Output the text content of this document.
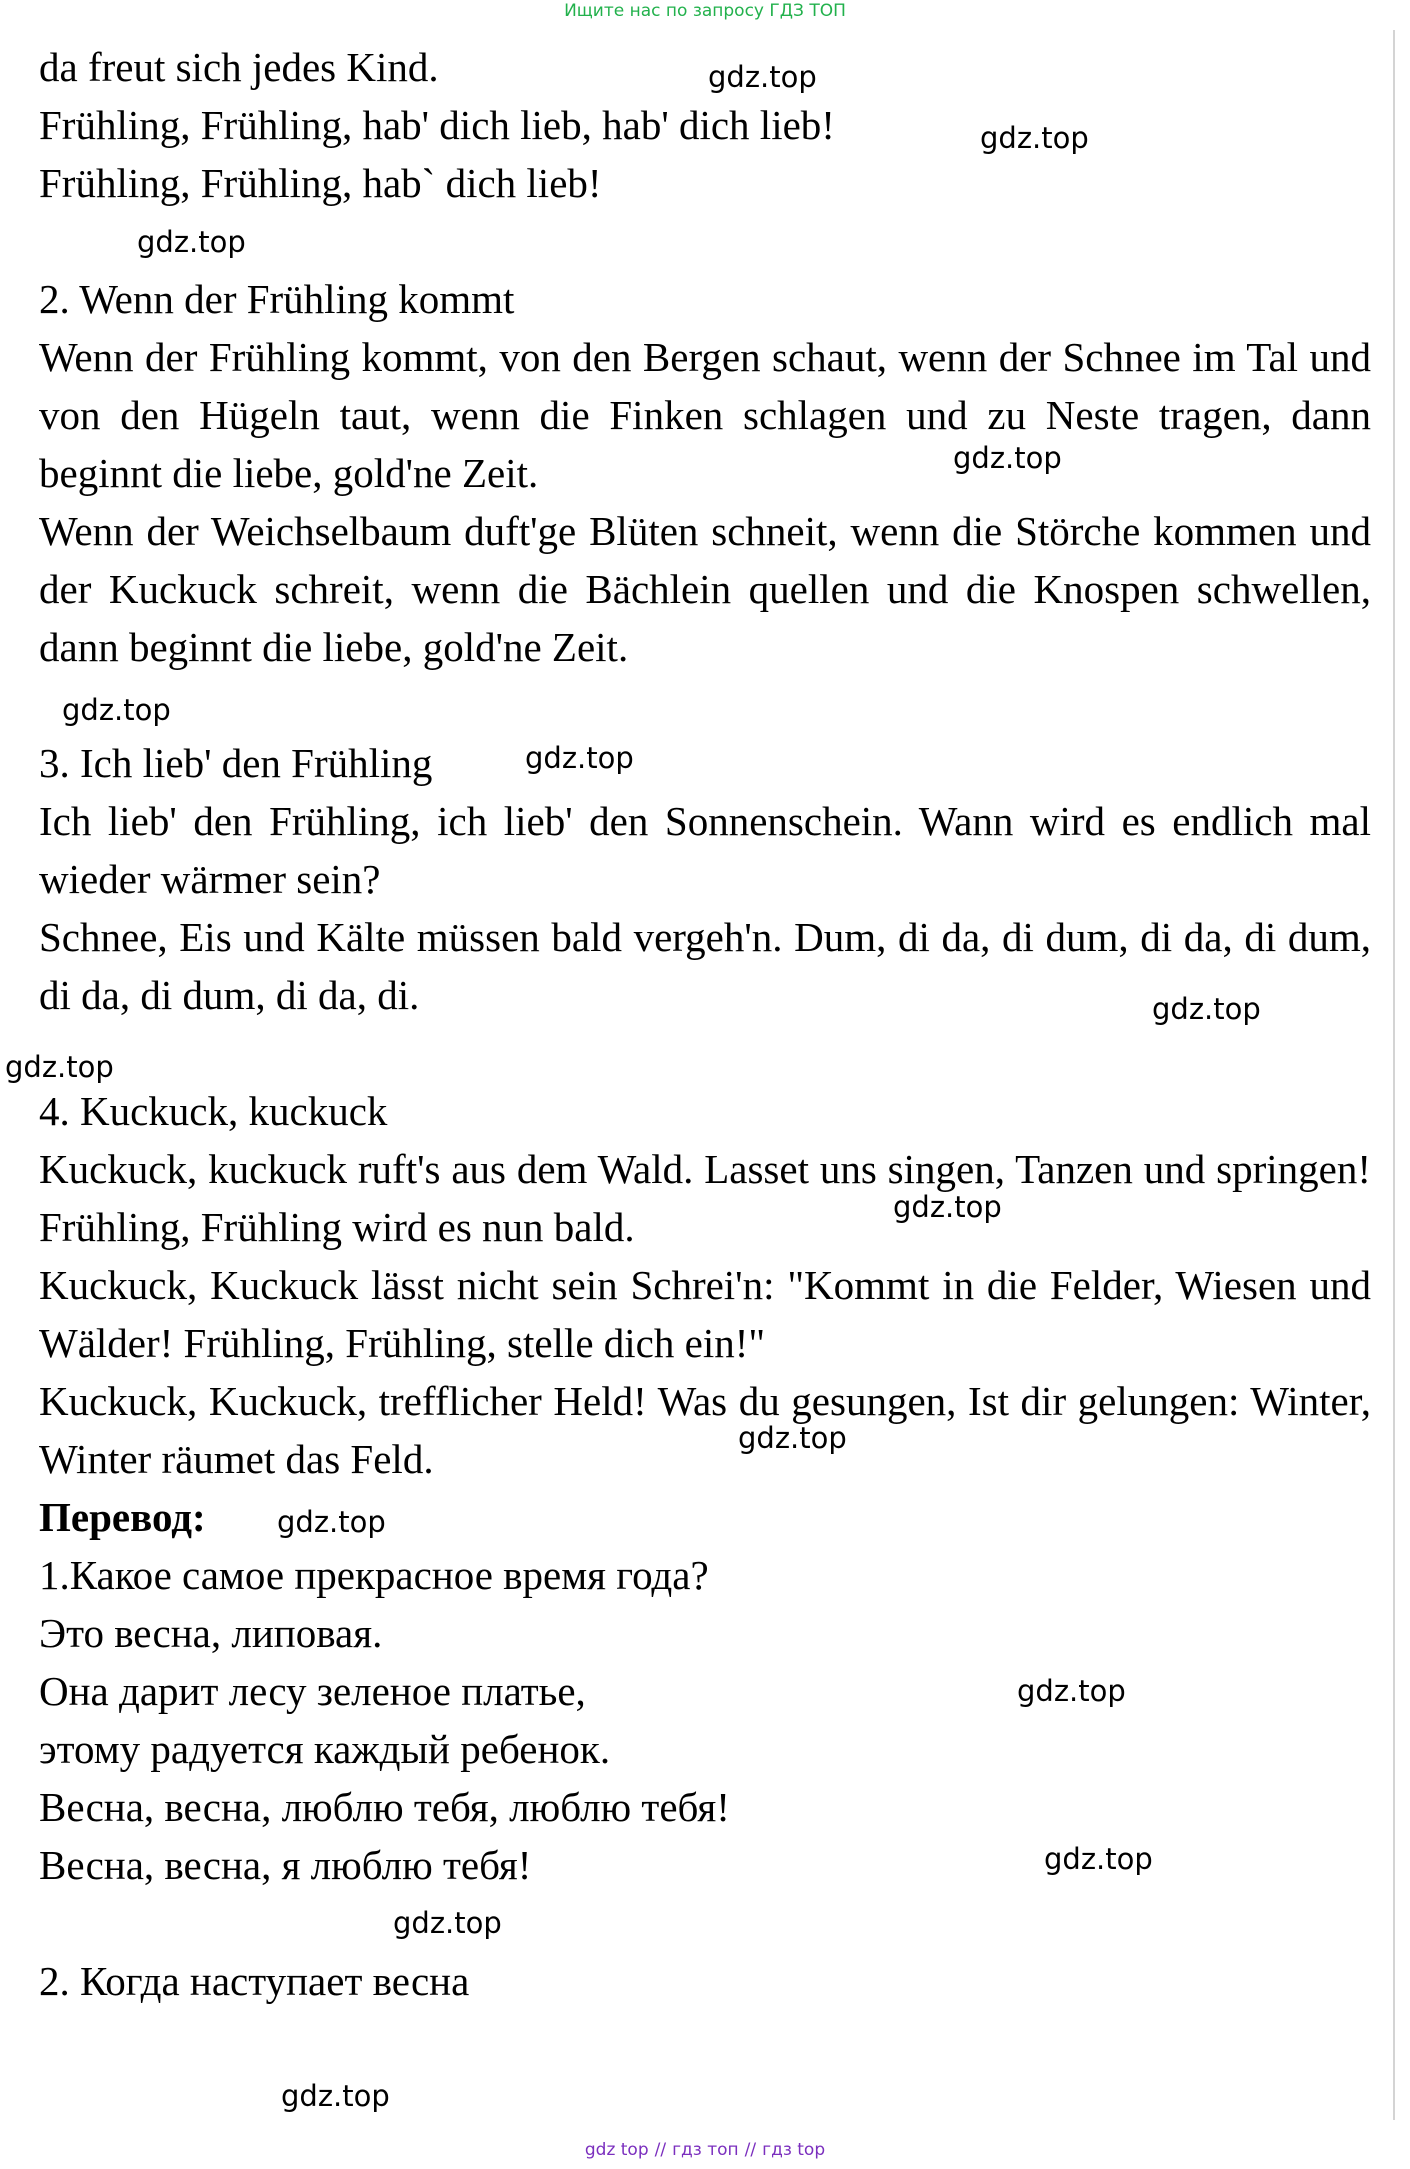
Ищите нас по запросу ГДЗ ТОП
da freut sich jedes Kind.
Frühling, Frühling, hab' dich lieb, hab' dich lieb!
Frühling, Frühling, hab` dich lieb!
2. Wenn der Frühling kommt
Wenn der Frühling kommt, von den Bergen schaut, wenn der Schnee im Tal und von den Hügeln taut, wenn die Finken schlagen und zu Neste tragen, dann beginnt die liebe, gold'ne Zeit.
Wenn der Weichselbaum duft'ge Blüten schneit, wenn die Störche kommen und der Kuckuck schreit, wenn die Bächlein quellen und die Knospen schwellen, dann beginnt die liebe, gold'ne Zeit.
3. Ich lieb' den Frühling
Ich lieb' den Frühling, ich lieb' den Sonnenschein. Wann wird es endlich mal wieder wärmer sein?
Schnee, Eis und Kälte müssen bald vergeh'n. Dum, di da, di dum, di da, di dum, di da, di dum, di da, di.
4. Kuckuck, kuckuck
Kuckuck, kuckuck ruft's aus dem Wald. Lasset uns singen, Tanzen und springen! Frühling, Frühling wird es nun bald.
Kuckuck, Kuckuck lässt nicht sein Schrei'n: "Kommt in die Felder, Wiesen und Wälder! Frühling, Frühling, stelle dich ein!"
Kuckuck, Kuckuck, trefflicher Held! Was du gesungen, Ist dir gelungen: Winter, Winter räumet das Feld.
Перевод:
1.Какое самое прекрасное время года?
Это весна, липовая.
Она дарит лесу зеленое платье,
этому радуется каждый ребенок.
Весна, весна, люблю тебя, люблю тебя!
Весна, весна, я люблю тебя!
2. Когда наступает весна
gdz.top
gdz.top
gdz.top
gdz.top
gdz.top
gdz.top
gdz.top
gdz.top
gdz.top
gdz.top
gdz.top
gdz.top
gdz.top
gdz.top
gdz.top
gdz top // гдз топ // гдз top
